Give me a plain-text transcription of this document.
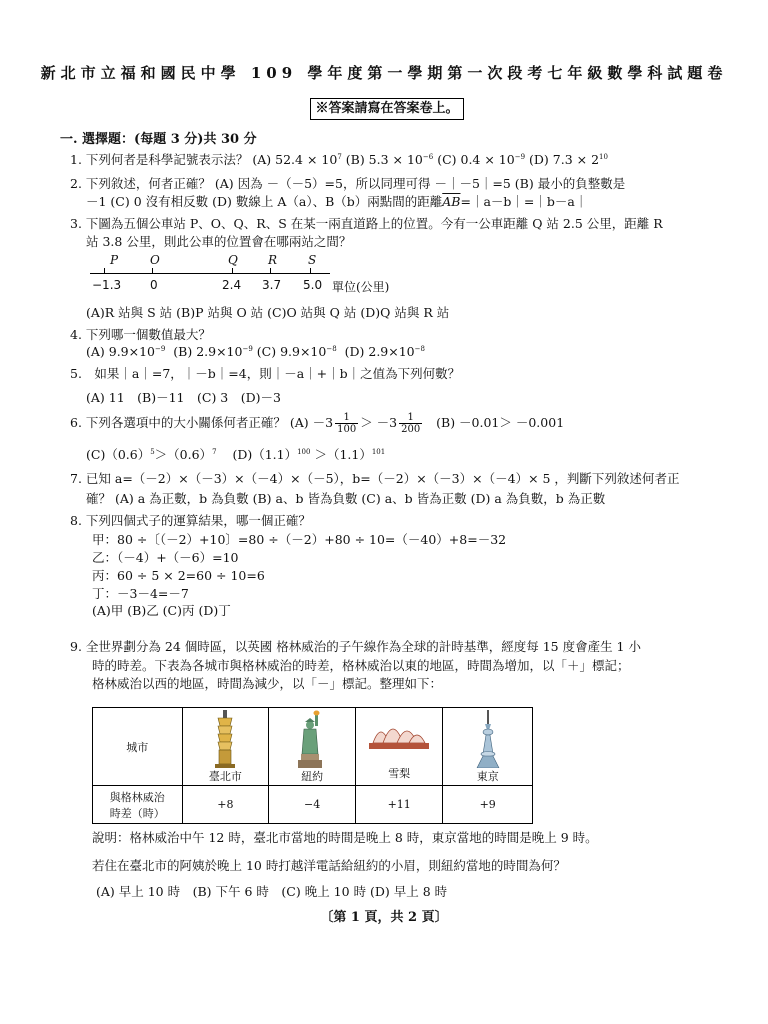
新北市立福和國民中學 109 學年度第一學期第一次段考七年級數學科試題卷
※答案請寫在答案卷上。
一. 選擇題：(每題 3 分)共 30 分
1. 下列何者是科學記號表示法？ (A) $52.4 \times 10^7$ (B) $5.3 \times 10^{-6}$ (C) $0.4 \times 10^{-9}$ (D) $7.3 \times 2^{10}$
2. 下列敘述，何者正確？ (A) 因為 －（－5）=5，所以同理可得 －｜－5｜=5 (B) 最小的負整數是
－1 (C) 0 沒有相反數 (D) 數線上 A（a）、B（b）兩點間的距離$\overline{AB}=|a-b|=|b-a|$
3. 下圖為五個公車站 P、O、Q、R、S 在某一兩直道路上的位置。今有一公車距離 Q 站 2.5 公里，距離 R
站 3.8 公里，則此公車的位置會在哪兩站之間？
P	O	Q	R	S
−1.3 0	2.4 3.7 5.0 單位(公里)
(A)R 站與 S 站 (B)P 站與 O 站 (C)O 站與 Q 站 (D)Q 站與 R 站
4. 下列哪一個數值最大？
(A) $9.9\times 10^{-9}$ (B) $2.9\times 10^{-9}$ (C) $9.9\times 10^{-8}$ (D) $2.9\times 10^{-8}$
5.　如果｜a｜=7，｜－b｜=4，則｜－a｜+｜b｜之值為下列何數？
(A) 11　(B)－11　(C) 3　(D)－3
6. 下列各選項中的大小關係何者正確？ $(A) -3 \frac{1}{100} > -3 \frac{1}{200} (B) -0.01> -0.001$
$(C)(0.6)^5>(0.6)^7$ $(D)(1.1)^{100} >(1.1)^{101}$
7. 已知 a=（－2）×（－3）×（－4）×（－5），b=（－2）×（－3）×（－4）× 5 ，判斷下列敘述何者正
確？ (A) a 為正數，b 為負數 (B) a、b 皆為負數 (C) a、b 皆為正數 (D) a 為負數，b 為正數
8. 下列四個式子的運算結果，哪一個正確？
甲：80 ÷〔（－2）+10〕=80 ÷（－2）+80 ÷ 10=（－40）+8=－32
乙：（－4）+（－6）=10
丙：60 ÷ 5 × 2=60 ÷ 10=6
丁：－3－4=－7
(A)甲 (B)乙 (C)丙 (D)丁
9. 全世界劃分為 24 個時區，以英國 格林威治的子午線作為全球的計時基準，經度每 15 度會產生 1 小
時的時差。下表為各城市與格林威治的時差，格林威治以東的地區，時間為增加，以「＋」標記；
格林威治以西的地區，時間為減少，以「－」標記。整理如下：
城市	臺北市	紐約	雪梨	東京

與格林威治
時差（時）	+8	−4	+11	+9
說明：格林威治中午 12 時，臺北市當地的時間是晚上 8 時，東京當地的時間是晚上 9 時。
若住在臺北市的阿姨於晚上 10 時打越洋電話給紐約的小眉，則紐約當地的時間為何？
(A) 早上 10 時　(B) 下午 6 時　(C) 晚上 10 時 (D) 早上 8 時
〔第 1 頁，共 2 頁〕
